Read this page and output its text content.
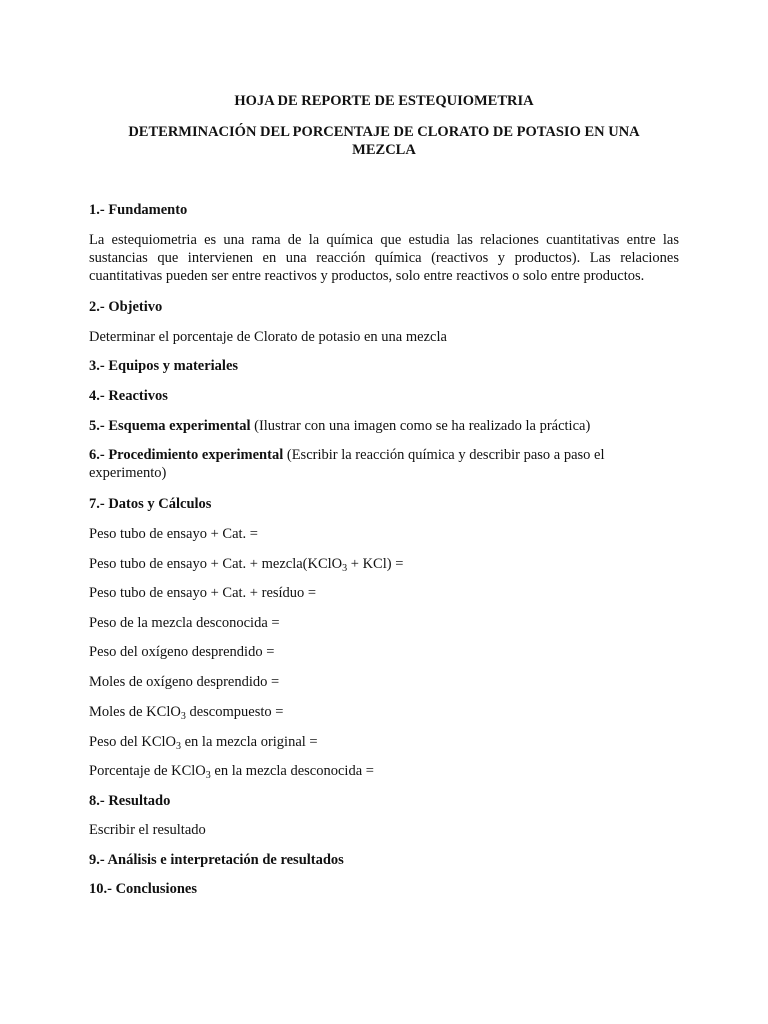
HOJA DE REPORTE DE ESTEQUIOMETRIA

DETERMINACIÓN DEL PORCENTAJE DE CLORATO DE POTASIO EN UNA MEZCLA

1.- Fundamento

La estequiometria es una rama de la química que estudia las relaciones cuantitativas entre las sustancias que intervienen en una reacción química (reactivos y productos). Las relaciones cuantitativas pueden ser entre reactivos y productos, solo entre reactivos o solo entre productos.

2.- Objetivo

Determinar el porcentaje de Clorato de potasio en una mezcla

3.- Equipos y materiales

4.- Reactivos

5.- Esquema experimental (Ilustrar con una imagen como se ha realizado la práctica)

6.- Procedimiento experimental (Escribir la reacción química y describir paso a paso el experimento)

7.- Datos y Cálculos

Peso tubo de ensayo + Cat. =

Peso tubo de ensayo + Cat. + mezcla(KClO$_3$ + KCl) =

Peso tubo de ensayo + Cat. + resíduo =

Peso de la mezcla desconocida =

Peso del oxígeno desprendido =

Moles de oxígeno desprendido =

Moles de KClO$_3$ descompuesto =

Peso del KClO$_3$ en la mezcla original =

Porcentaje de KClO$_3$ en la mezcla desconocida =

8.- Resultado

Escribir el resultado

9.- Análisis e interpretación de resultados

10.- Conclusiones
